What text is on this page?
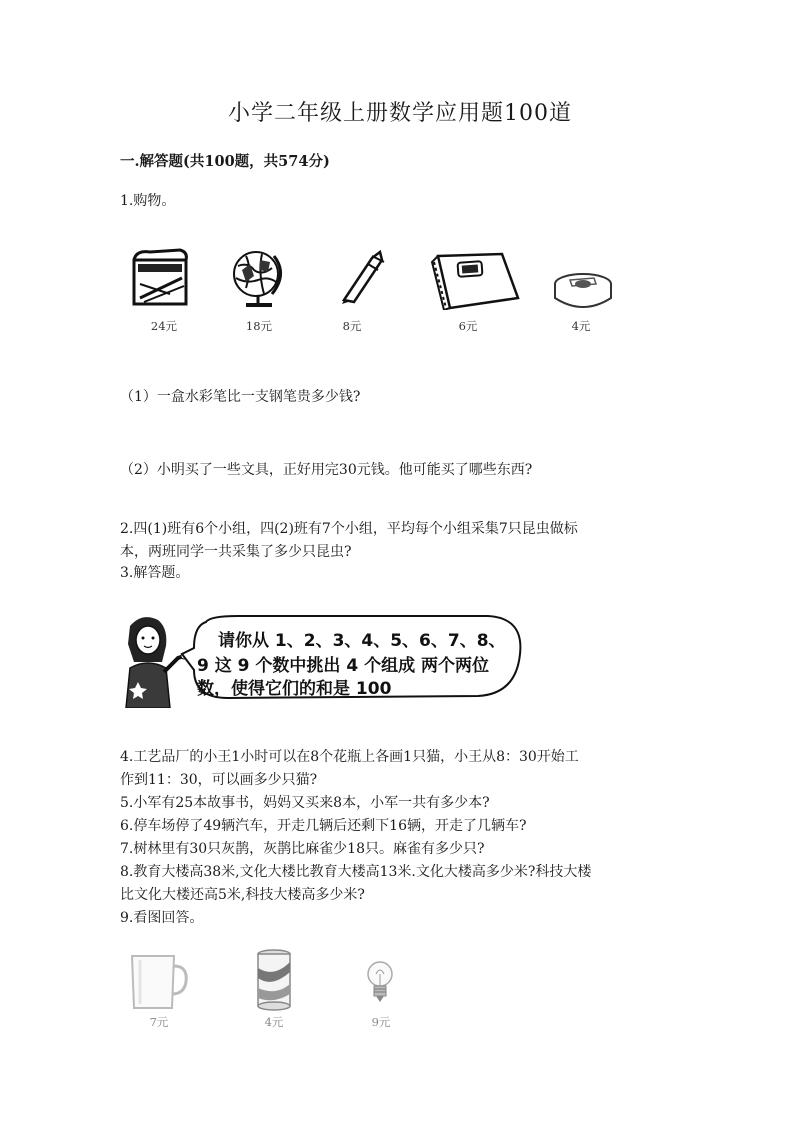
小学二年级上册数学应用题100道
一.解答题(共100题，共574分)
1.购物。
24元	18元	8元	6元	4元
（1）一盒水彩笔比一支钢笔贵多少钱?
（2）小明买了一些文具，正好用完30元钱。他可能买了哪些东西?
2.四(1)班有6个小组，四(2)班有7个小组，平均每个小组采集7只昆虫做标
本，两班同学一共采集了多少只昆虫?
3.解答题。
请你从 1、2、3、4、5、6、7、8、
9 这 9 个数中挑出 4 个组成 两个两位
数，使得它们的和是 100
4.工艺品厂的小王1小时可以在8个花瓶上各画1只猫，小王从8：30开始工
作到11：30，可以画多少只猫?
5.小军有25本故事书，妈妈又买来8本，小军一共有多少本?
6.停车场停了49辆汽车，开走几辆后还剩下16辆，开走了几辆车?
7.树林里有30只灰鹊，灰鹊比麻雀少18只。麻雀有多少只?
8.教育大楼高38米,文化大楼比教育大楼高13米.文化大楼高多少米?科技大楼
比文化大楼还高5米,科技大楼高多少米?
9.看图回答。
7元	4元	9元
